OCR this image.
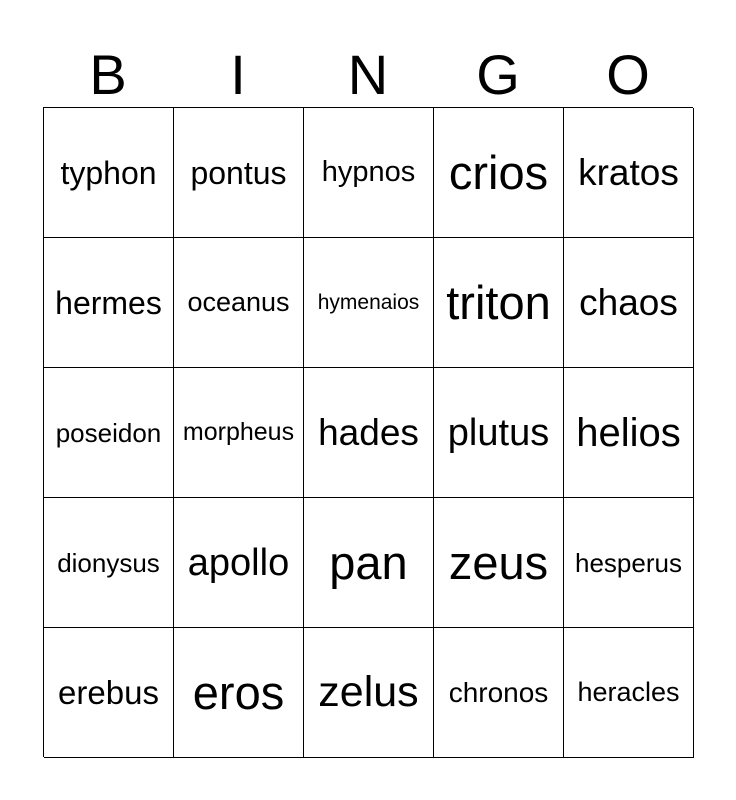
B	I	N	G	O
typhon pontus hypnos crios kratos
hermes oceanus hymenaios triton chaos
poseidon morpheus hades plutus helios
dionysus apollo pan zeus hesperus
erebus eros zelus chronos heracles
